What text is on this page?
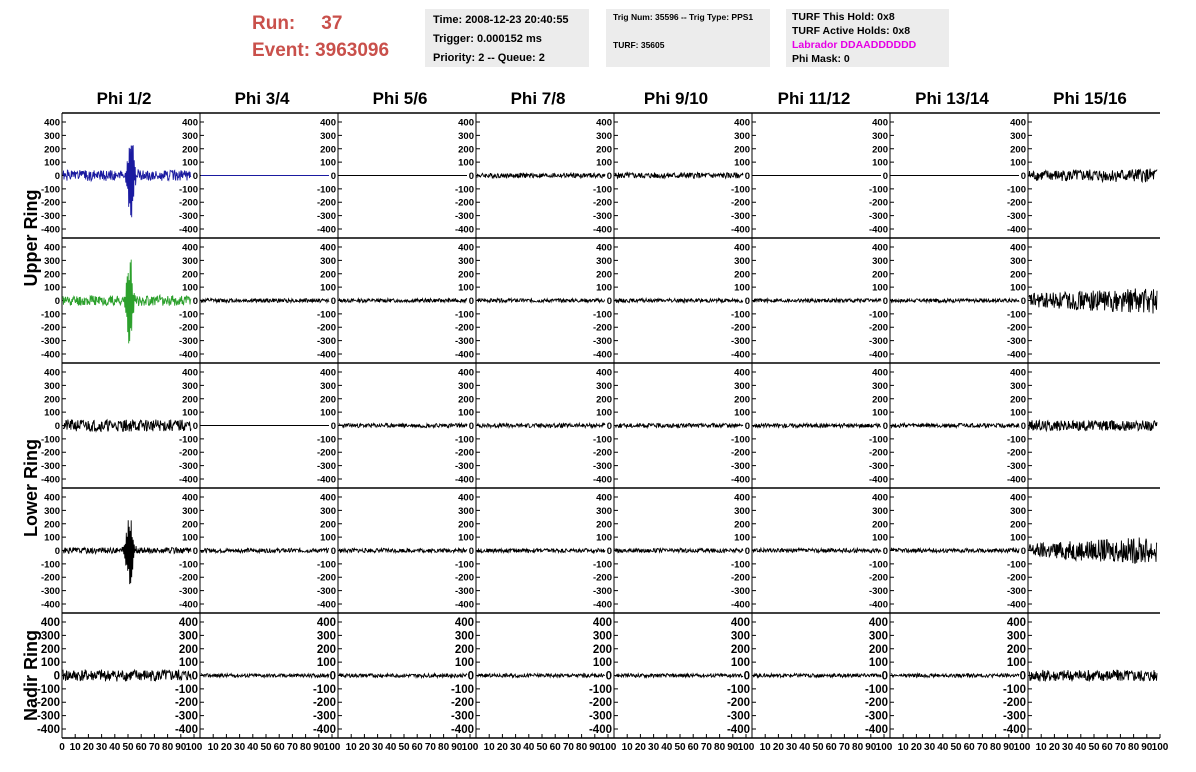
Run: 37
Event: 3963096
Time: 2008-12-23 20:40:55
Trigger: 0.000152 ms
Priority: 2 -- Queue: 2
Trig Num: 35596 -- Trig Type: PPS1
TURF: 35605
TURF This Hold: 0x8
TURF Active Holds: 0x8
Labrador DDAADDDDDD
Phi Mask: 0
Phi 1/2	Phi 3/4	Phi 5/6	Phi 7/8	Phi 9/10	Phi 11/12	Phi 13/14	Phi 15/16
Upper Ring
Lower Ring
Nadir Ring
400
300
200
100
0
-100
-200
-300
-400
400
300
200
100
0
-100
-200
-300
-400
400
300
200
100
0
-100
-200
-300
-400
400
300
200
100
0
-100
-200
-300
-400
400
300
200
100
0
-100
-200
-300
-400
400
300
200
100
0
-100
-200
-300
-400
400
300
200
100
0
-100
-200
-300
-400
400
300
200
100
0
-100
-200
-300
-400
400
300
200
100
0
-100
-200
-300
-400
400
300
200
100
0
-100
-200
-300
-400
400
300
200
100
0
-100
-200
-300
-400
400
300
200
100
0
-100
-200
-300
-400
400
300
200
100
0
-100
-200
-300
-400
400
300
200
100
0
-100
-200
-300
-400
400
300
200
100
0
-100
-200
-300
-400
400
300
200
100
0
-100
-200
-300
-400
400
300
200
100
0
-100
-200
-300
-400
400
300
200
100
0
-100
-200
-300
-400
400
300
200
100
0
-100
-200
-300
-400
400
300
200
100
0
-100
-200
-300
-400
400
300
200
100
0
-100
-200
-300
-400
400
300
200
100
0
-100
-200
-300
-400
400
300
200
100
0
-100
-200
-300
-400
400
300
200
100
0
-100
-200
-300
-400
400
300
200
100
0
-100
-200
-300
-400
400
300
200
100
0
-100
-200
-300
-400
400
300
200
100
0
-100
-200
-300
-400
400
300
200
100
0
-100
-200
-300
-400
400
300
200
100
0
-100
-200
-300
-400
400
300
200
100
0
-100
-200
-300
-400
400
300
200
100
0
-100
-200
-300
-400
400
300
200
100
0
-100
-200
-300
-400
400
300
200
100
0
-100
-200
-300
-400
400
300
200
100
0
-100
-200
-300
-400
400
300
200
100
0
-100
-200
-300
-400
400
300
200
100
0
-100
-200
-300
-400
400
300
200
100
0
-100
-200
-300
-400
400
300
200
100
0
-100
-200
-300
-400
400
300
200
100
0
-100
-200
-300
-400
400
300
200
100
0
-100
-200
-300
-400
0 10 20 30 40 50 60 70 80 90 100 10 20 30 40 50 60 70 80 90 100 10 20 30 40 50 60 70 80 90 100 10 20 30 40 50 60 70 80 90 100 10 20 30 40 50 60 70 80 90 100 10 20 30 40 50 60 70 80 90 100 10 20 30 40 50 60 70 80 90 100 10 20 30 40 50 60 70 80 90 100
